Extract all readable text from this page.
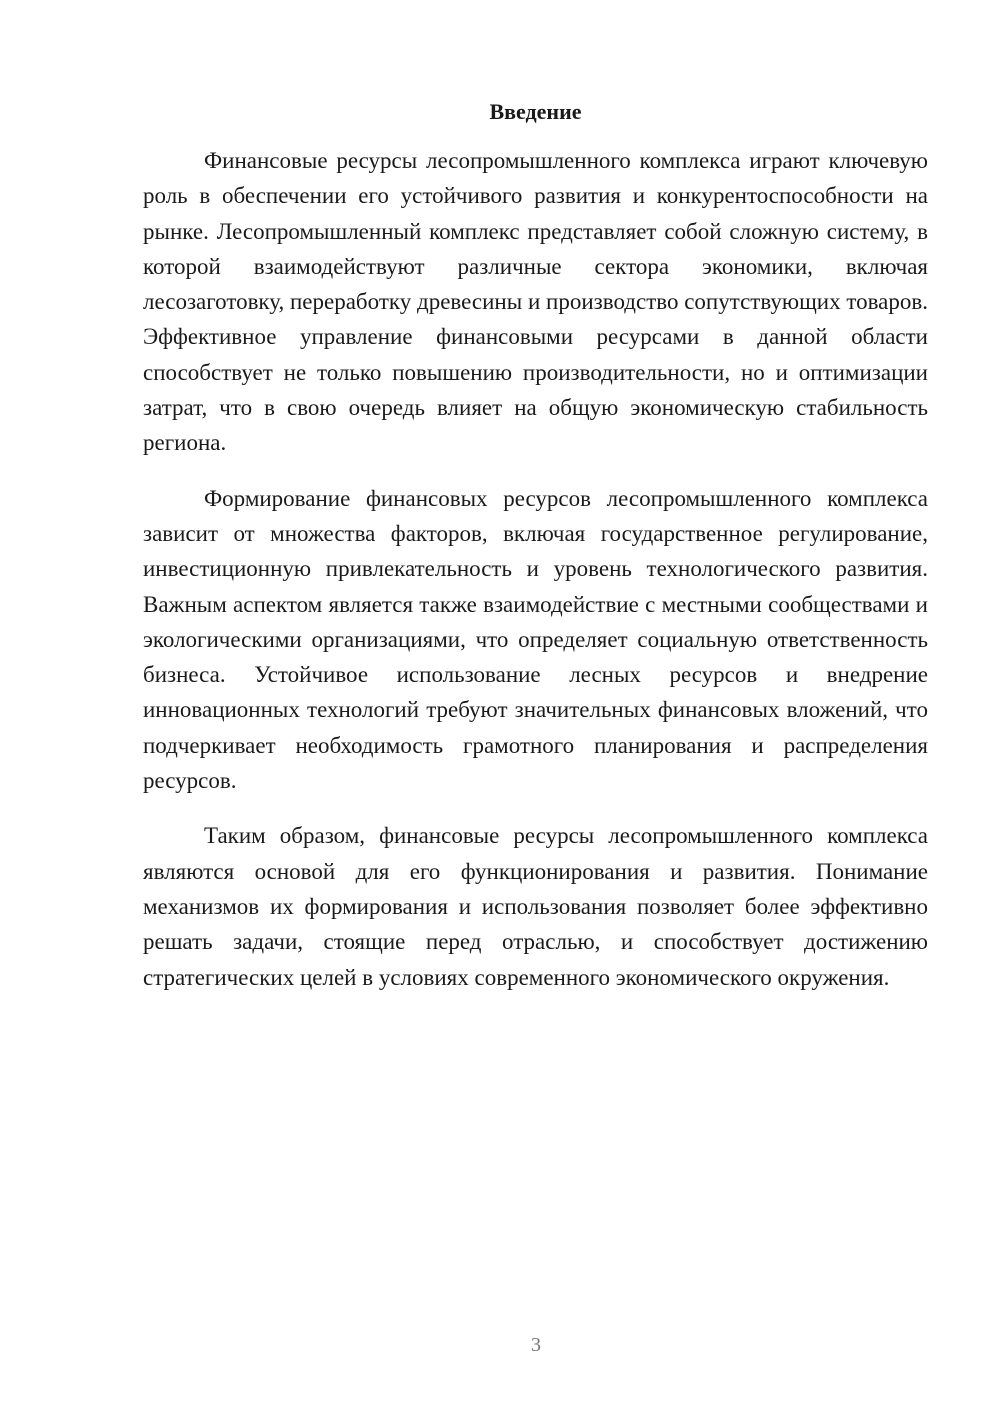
Введение

Финансовые ресурсы лесопромышленного комплекса играют ключевую роль в обеспечении его устойчивого развития и конкурентоспособности на рынке. Лесопромышленный комплекс представляет собой сложную систему, в которой взаимодействуют различные сектора экономики, включая лесозаготовку, переработку древесины и производство сопутствующих товаров. Эффективное управление финансовыми ресурсами в данной области способствует не только повышению производительности, но и оптимизации затрат, что в свою очередь влияет на общую экономическую стабильность региона.

Формирование финансовых ресурсов лесопромышленного комплекса зависит от множества факторов, включая государственное регулирование, инвестиционную привлекательность и уровень технологического развития. Важным аспектом является также взаимодействие с местными сообществами и экологическими организациями, что определяет социальную ответственность бизнеса. Устойчивое использование лесных ресурсов и внедрение инновационных технологий требуют значительных финансовых вложений, что подчеркивает необходимость грамотного планирования и распределения ресурсов.

Таким образом, финансовые ресурсы лесопромышленного комплекса являются основой для его функционирования и развития. Понимание механизмов их формирования и использования позволяет более эффективно решать задачи, стоящие перед отраслью, и способствует достижению стратегических целей в условиях современного экономического окружения.

3
